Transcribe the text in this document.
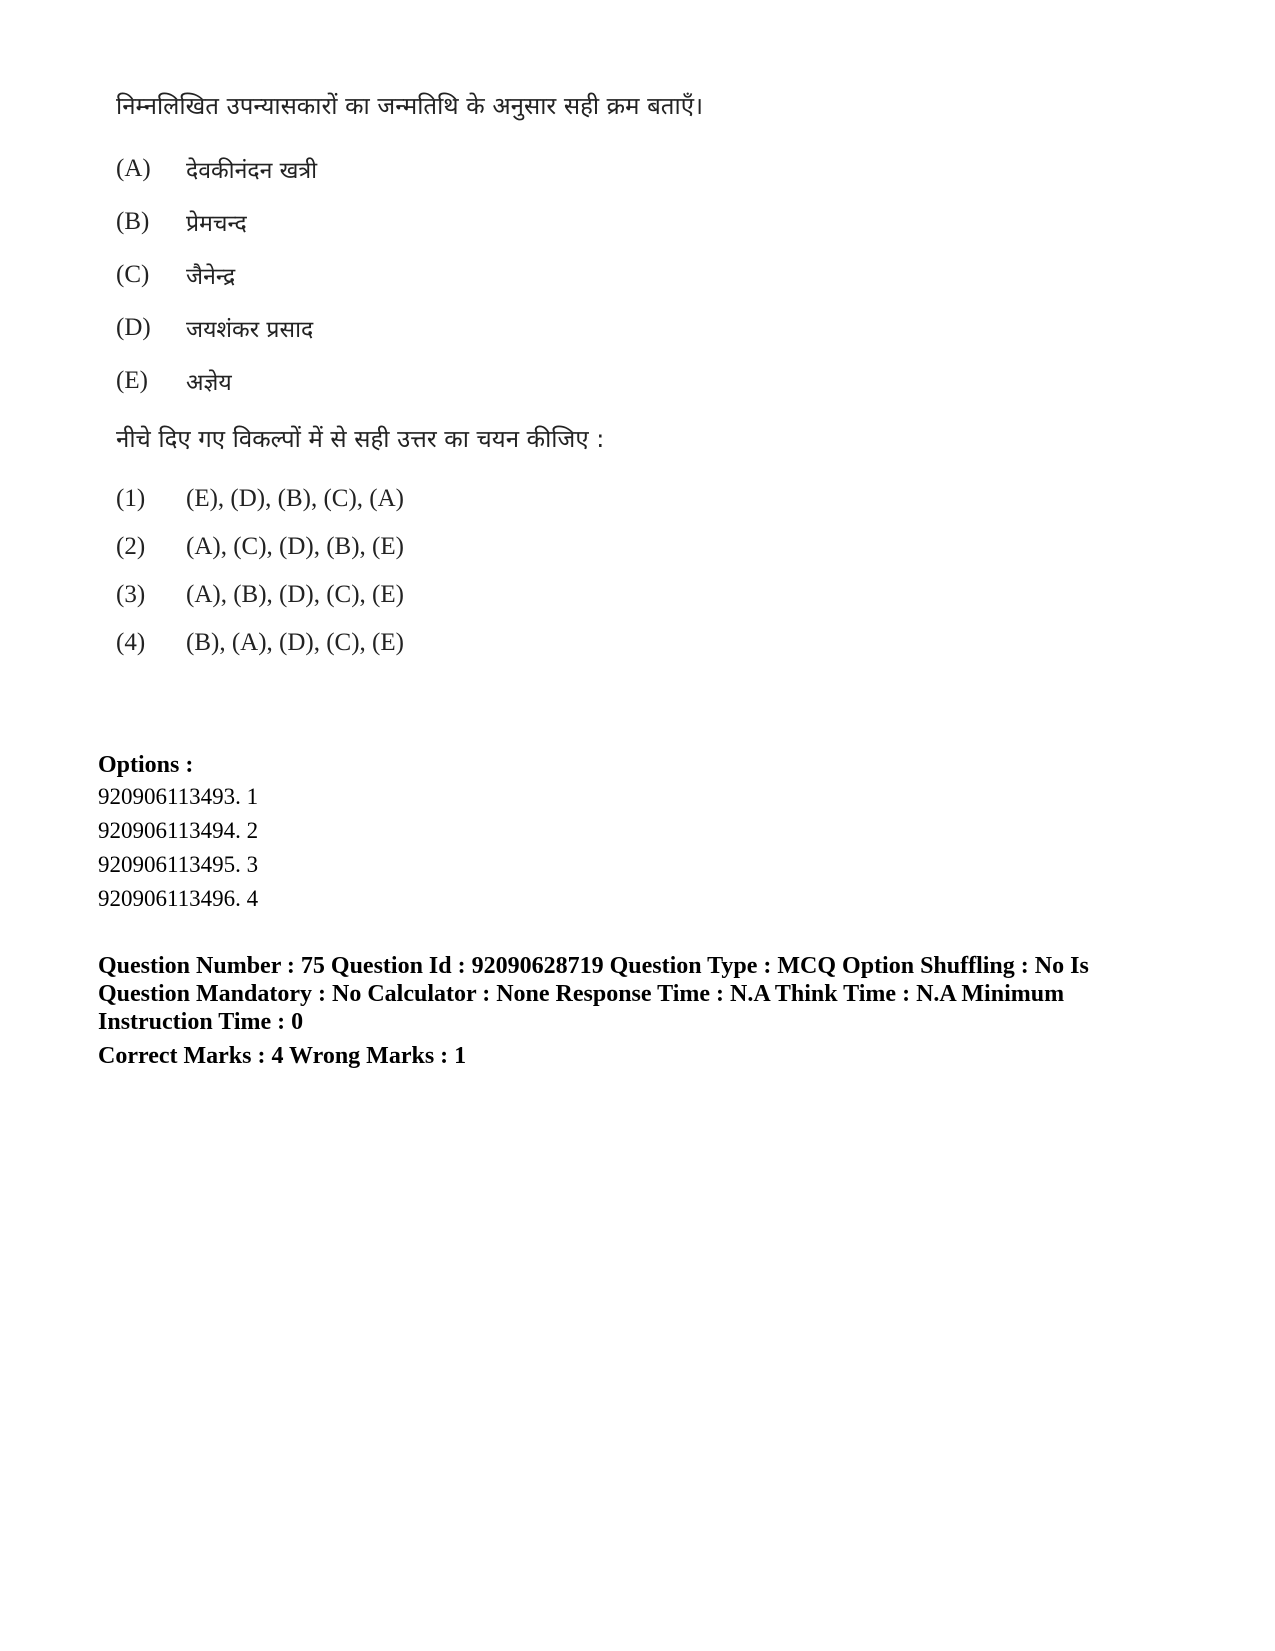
निम्नलिखित उपन्यासकारों का जन्मतिथि के अनुसार सही क्रम बताएँ।

(A)	देवकीनंदन खत्री
(B)	प्रेमचन्द
(C)	जैनेन्द्र
(D)	जयशंकर प्रसाद
(E)	अज्ञेय

नीचे दिए गए विकल्पों में से सही उत्तर का चयन कीजिए :

(1)	(E), (D), (B), (C), (A)
(2)	(A), (C), (D), (B), (E)
(3)	(A), (B), (D), (C), (E)
(4)	(B), (A), (D), (C), (E)
Options :
920906113493. 1
920906113494. 2
920906113495. 3
920906113496. 4
Question Number : 75 Question Id : 92090628719 Question Type : MCQ Option Shuffling : No Is Question Mandatory : No Calculator : None Response Time : N.A Think Time : N.A Minimum Instruction Time : 0
Correct Marks : 4 Wrong Marks : 1
